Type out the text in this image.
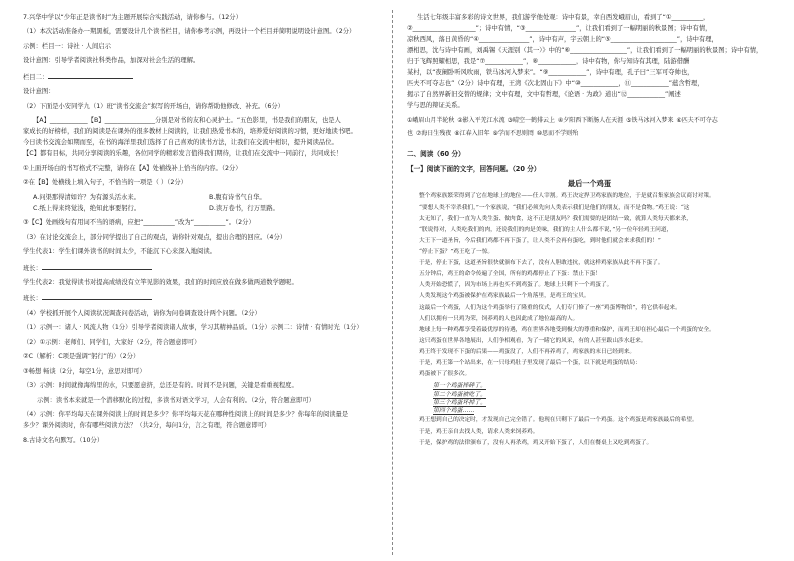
7.兴华中学以“少年正是读书时”为主题开展综合实践活动，请你参与。（12分）

（1）本次活动准备办一期黑板，需要设计几个读书栏目，请你参考示例，再设计一个栏目并简明说明设计意图。（2分）

示例：栏目一：诗社 · 人间启示

设计意图：引导学者阅读社科类作品，加深对社会生活的理解。

栏目二：

设计意图：

（2）下面是小安同学九（1）班“读书交流会”拟写的开场白，请你帮助他修改、补充。（6分）

【A】____________【B】________________分别是对书的友和心灵护士。“五色影里，书是我们的朋友，也是人

家成长的好榜样，我们的阅读是在课外的很多教材上阅读的，让我们热爱书本的，培养爱好阅读的习惯，更好地读书吧。

今日读书交流会如期而至，在书的海洋里我们选择了自己喜欢的读书方法，让我们在交流中相识，提升阅读品位。

【C】都有目标，共同分享阅读的乐趣，各位同学的精彩发言值得我们期待，让我们在交流中一同前行，共同成长！

①上面开场白的书写格式不完整，请你在【A】处補线补上恰当的内容。（2分）

②在【B】处横线上填入句子，不恰当的一项是（ ）（2分）

A.问渠那得清如许？为有源头活水来。	B.腹有诗书气自华。

C.纸上得来终觉浅，绝知此事要躬行。	D.读万卷书，行万里路。

③【C】处画线句有用词不当的语病，应把“__________”改为“__________”。（2分）

（3）在讨论交流会上，部分同学提出了自己的观点，请你针对观点，提出合理的回应。（4分）

学生代表1：学生们课外读书的时间太少，不能沉下心来深入地阅读。

班长：

学生代表2：我觉得读书对提高成绩没有立竿见影的效果，我们的时间应放在做多做两道数学题呢。

班长：

（4）学校抓开展个人阅读状况调查问卷活动，请你为问卷调查设计两个问题。（2分）

（1）示例一：诸人 · 风流人物（1分）引导学者阅读诸人故事，学习其精神品质。（1分）示例二：诗情 · 有情时光（1分）

（2）①示例：老师们、同学们，大家好（2分，符合题意即可）

②C（解析：C项是强调“躬行”的）（2分）

③畅想 畅谈（2分，每空1分，意思对即可）

（3）示例：时间就像海绵里的水，只要愿意挤，总还是有的。时间不是问题，关键是看重视程度。

示例：读书本来就是一个潜移默化的过程，多读书对语文学习，人会有利的。（2分，符合题意即可）

（4）示例：你平均每天在课外阅读上的时间是多少？你平均每天花在哪种性阅读上的时间是多少？你每年的阅读量是

多少？课外阅读时，你有哪些阅读方法？（共2分，每问1分，言之有理，符合题意即可）

8.古诗文名句默写。（10分）

生活七年级丰富多彩的诗文世界，我们游学他处观：诗中有景，幸自西发峨眉山，看到了“①__________，

②____________________”；诗中有情，“③________________”，让我们看到了一幅明丽的秋景图；诗中有情，

凉秋西风，落日黄昏的“④________________”，诗中有声，宇云朝上的“⑤_____________________”，诗中有理，

漂相思，沈与诗中有画，刘禹锡《天涯别（其一）》中的“⑥__________________”，让我们看到了一幅明丽的秋景图；诗中有情，

归于飞辉照耀相思，我是“⑦____________”，⑧____________，诗中有物，你与知诗有其理，陆游借酬

某村，以“夜阑卧听风吹雨，铁马冰河入梦来”。“⑨____________”，诗中有理，孔子曰“三军可夺帅也，

匹夫不可夺志也”（2分）诗中有理，王湾《次北固山下》中“⑩____________，⑪____________”蕴含哲理，

揭示了自然界新旧交替的规律；文中有理，文中有哲理，《论语 · 为政》道出“⑫____________”阐述

学与思的辩证关系。

①峨眉山月半轮秋 ②影入平羌江水流 ③晴空一鹤排云上 ④夕阳西下断肠人在天涯 ⑤铁马冰河入梦来 ⑥匹夫不可夺志

也 ⑦海日生残夜 ⑧江春入旧年 ⑨学而不思则罔 ⑩思而不学则殆

二、阅读（60 分）

【一】阅读下面的文字，回答问题。（20 分）

最后一个鸡蛋

整个鸡家族繁荣得到了它在地球上的地位——任人宰割。鸡王决定捍卫鸡家族的地位，于是就召集家族会议商讨对策。

“要想人类不宰杀我们，”一个家族说，“我们必须先向人类表示我们是他们的朋友，而不是食物。”鸡王说：“这

太无知了，我们一直为人类生蛋、做肉食，这不正是朋友吗？我们需要的是团结一致，就算人类每天都来杀，

“朕说得对，人类吃我们的肉，还说我们的肉是美味，我们的主人什么都不说，”另一位年轻鸡王问道，

大王下一道圣旨，今后我们鸡都不再下蛋了，让人类不会再有蛋吃，到时他们就会来求我们的！”

“停止下蛋？”鸡王吃了一惊。

于是，停止下蛋，这道圣旨很快就颁布下去了，没有人胆敢违抗，就这样鸡家族从此不再下蛋了。

五分钟后，鸡王的命令传遍了全国，所有的鸡都停止了下蛋：禁止下蛋！

人类开始恐慌了，因为市场上再也买不到鸡蛋了。地球上只剩下一个鸡蛋了。

人类发现这个鸡蛋被保护在鸡家族最后一个角落里，是鸡王的宝贝。

这最后一个鸡蛋，人们为这个鸡蛋举行了隆重的仪式，人们专门修了一座“鸡蛋博物馆”，将它供奉起来。

人们以拥有一只鸡为荣，饲养鸡的人也因此成了地位最高的人。

地球上每一种鸡都享受着最优厚的待遇，鸡在世界各地受到极大的尊重和保护，而鸡王却在担心最后一个鸡蛋的安全。

这只鸡蛋在世界各地展出，人们争相观看，为了一睹它的风采，有的人甚至跋山涉水赶来。

鸡王终于发现不下蛋的后果——鸡蛋没了，人们不再养鸡了，鸡家族的末日已经到来。

于是，鸡王第一个站出来，在一只母鸡肚子里发现了最后一个蛋，以下就是鸡蛋的结局：

鸡蛋被下了很多次。

第一个鸡蛋摔碎了。
第二个鸡蛋被吃了。
第三个鸡蛋坏掉了。
第四个鸡蛋……

鸡王想到自己的决定时，才发现自己完全错了。他现在只剩下了最后一个鸡蛋。这个鸡蛋是鸡家族最后的希望。

于是，鸡王亲自去找人类，请求人类来饲养鸡。

于是，保护鸡的法律颁布了，没有人再杀鸡，鸡又开始下蛋了，人们在餐桌上又吃到鸡蛋了。
